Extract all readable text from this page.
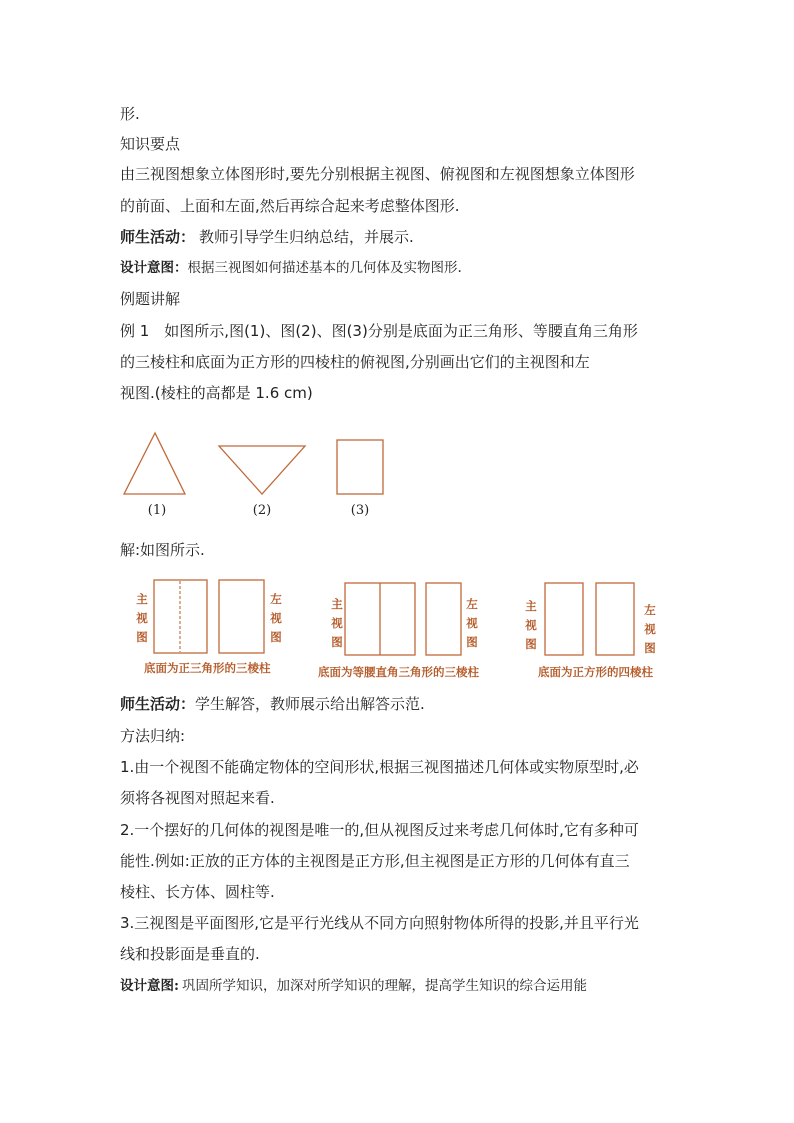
形.
知识要点
由三视图想象立体图形时,要先分别根据主视图、俯视图和左视图想象立体图形
的前面、上面和左面,然后再综合起来考虑整体图形.
师生活动： 教师引导学生归纳总结，并展示.
设计意图：根据三视图如何描述基本的几何体及实物图形.
例题讲解
例 1　如图所示,图(1)、图(2)、图(3)分别是底面为正三角形、等腰直角三角形
的三棱柱和底面为正方形的四棱柱的俯视图,分别画出它们的主视图和左
视图.(棱柱的高都是 1.6 cm)
(1)	(2)	(3)
解:如图所示.
主视图
左视图
底面为正三角形的三棱柱
主视图
左视图
底面为等腰直角三角形的三棱柱
主视图
左视图
底面为正方形的四棱柱
师生活动：学生解答，教师展示给出解答示范.
方法归纳:
1.由一个视图不能确定物体的空间形状,根据三视图描述几何体或实物原型时,必
须将各视图对照起来看.
2.一个摆好的几何体的视图是唯一的,但从视图反过来考虑几何体时,它有多种可
能性.例如:正放的正方体的主视图是正方形,但主视图是正方形的几何体有直三
棱柱、长方体、圆柱等.
3.三视图是平面图形,它是平行光线从不同方向照射物体所得的投影,并且平行光
线和投影面是垂直的.
设计意图: 巩固所学知识，加深对所学知识的理解，提高学生知识的综合运用能
